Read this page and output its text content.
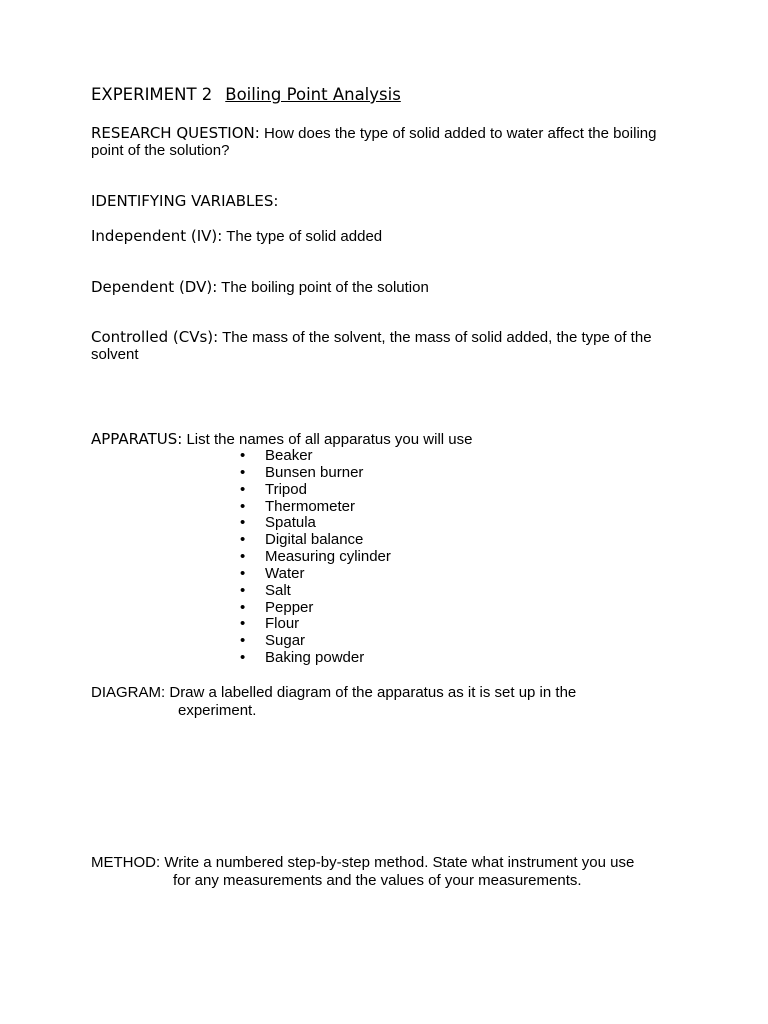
EXPERIMENT 2 Boiling Point Analysis
RESEARCH QUESTION: How does the type of solid added to water affect the boiling point of the solution?
IDENTIFYING VARIABLES:
Independent (IV): The type of solid added
Dependent (DV): The boiling point of the solution
Controlled (CVs): The mass of the solvent, the mass of solid added, the type of the solvent
APPARATUS: List the names of all apparatus you will use
• Beaker
• Bunsen burner
• Tripod
• Thermometer
• Spatula
• Digital balance
• Measuring cylinder
• Water
• Salt
• Pepper
• Flour
• Sugar
• Baking powder
DIAGRAM: Draw a labelled diagram of the apparatus as it is set up in the
experiment.
METHOD: Write a numbered step-by-step method. State what instrument you use
for any measurements and the values of your measurements.
